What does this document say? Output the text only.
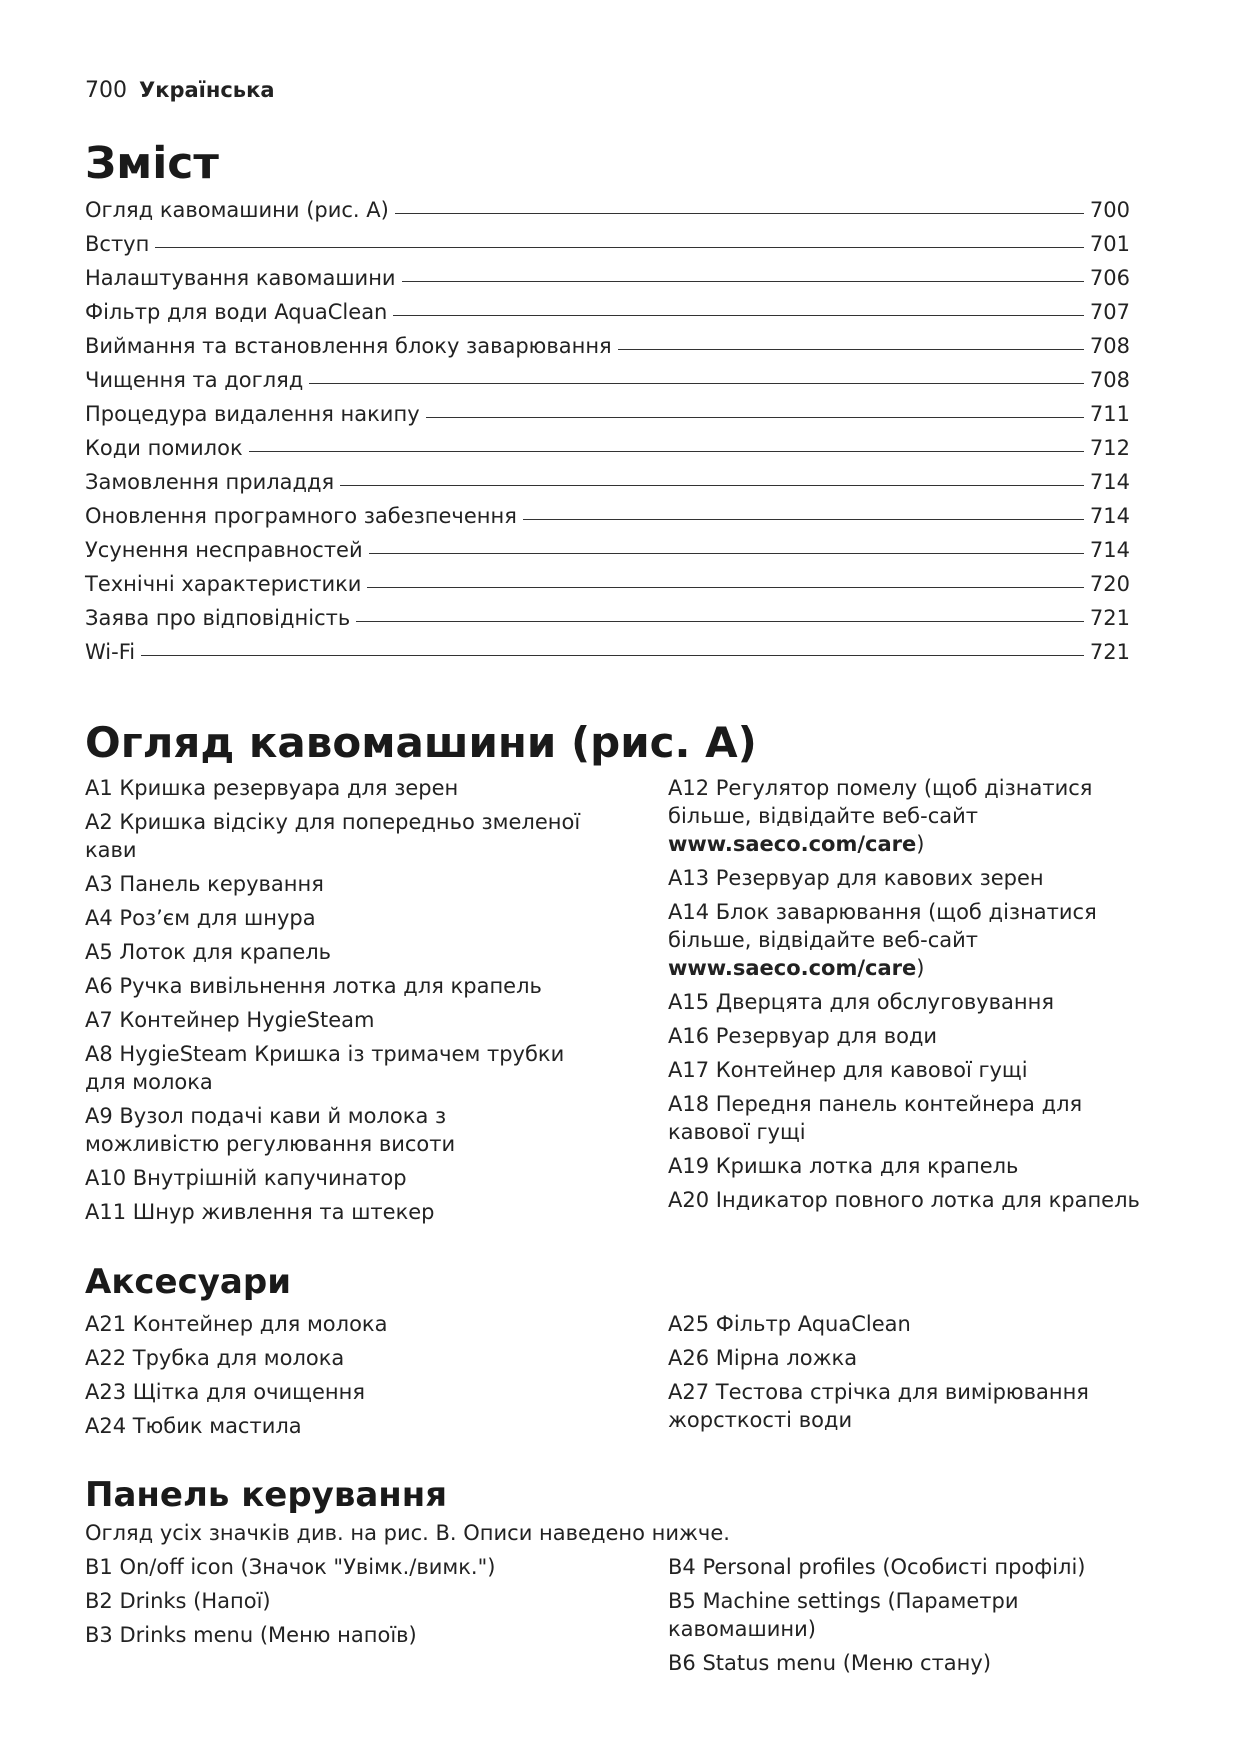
700 Українська
Зміст
Огляд кавомашини (рис. A)	700
Вступ	701
Налаштування кавомашини	706
Фільтр для води AquaClean	707
Виймання та встановлення блоку заварювання	708
Чищення та догляд	708
Процедура видалення накипу	711
Коди помилок	712
Замовлення приладдя	714
Оновлення програмного забезпечення	714
Усунення несправностей	714
Технічні характеристики	720
Заява про відповідність	721
Wi-Fi	721
Огляд кавомашини (рис. A)
A1 Кришка резервуара для зерен
A2 Кришка відсіку для попередньо змеленої кави
A3 Панель керування
A4 Роз’єм для шнура
A5 Лоток для крапель
A6 Ручка вивільнення лотка для крапель
A7 Контейнер HygieSteam
A8 HygieSteam Кришка із тримачем трубки для молока
A9 Вузол подачі кави й молока з можливістю регулювання висоти
A10 Внутрішній капучинатор
A11 Шнур живлення та штекер
A12 Регулятор помелу (щоб дізнатися більше, відвідайте веб-сайт www.saeco.com/care)
A13 Резервуар для кавових зерен
A14 Блок заварювання (щоб дізнатися більше, відвідайте веб-сайт www.saeco.com/care)
A15 Дверцята для обслуговування
A16 Резервуар для води
A17 Контейнер для кавової гущі
A18 Передня панель контейнера для кавової гущі
A19 Кришка лотка для крапель
A20 Індикатор повного лотка для крапель
Аксесуари
A21 Контейнер для молока
A22 Трубка для молока
A23 Щітка для очищення
A24 Тюбик мастила
A25 Фільтр AquaClean
A26 Мірна ложка
A27 Тестова стрічка для вимірювання жорсткості води
Панель керування
Огляд усіх значків див. на рис. B. Описи наведено нижче.
B1 On/off icon (Значок "Увімк./вимк.")
B2 Drinks (Напої)
B3 Drinks menu (Меню напоїв)
B4 Personal profiles (Особисті профілі)
B5 Machine settings (Параметри кавомашини)
B6 Status menu (Меню стану)
